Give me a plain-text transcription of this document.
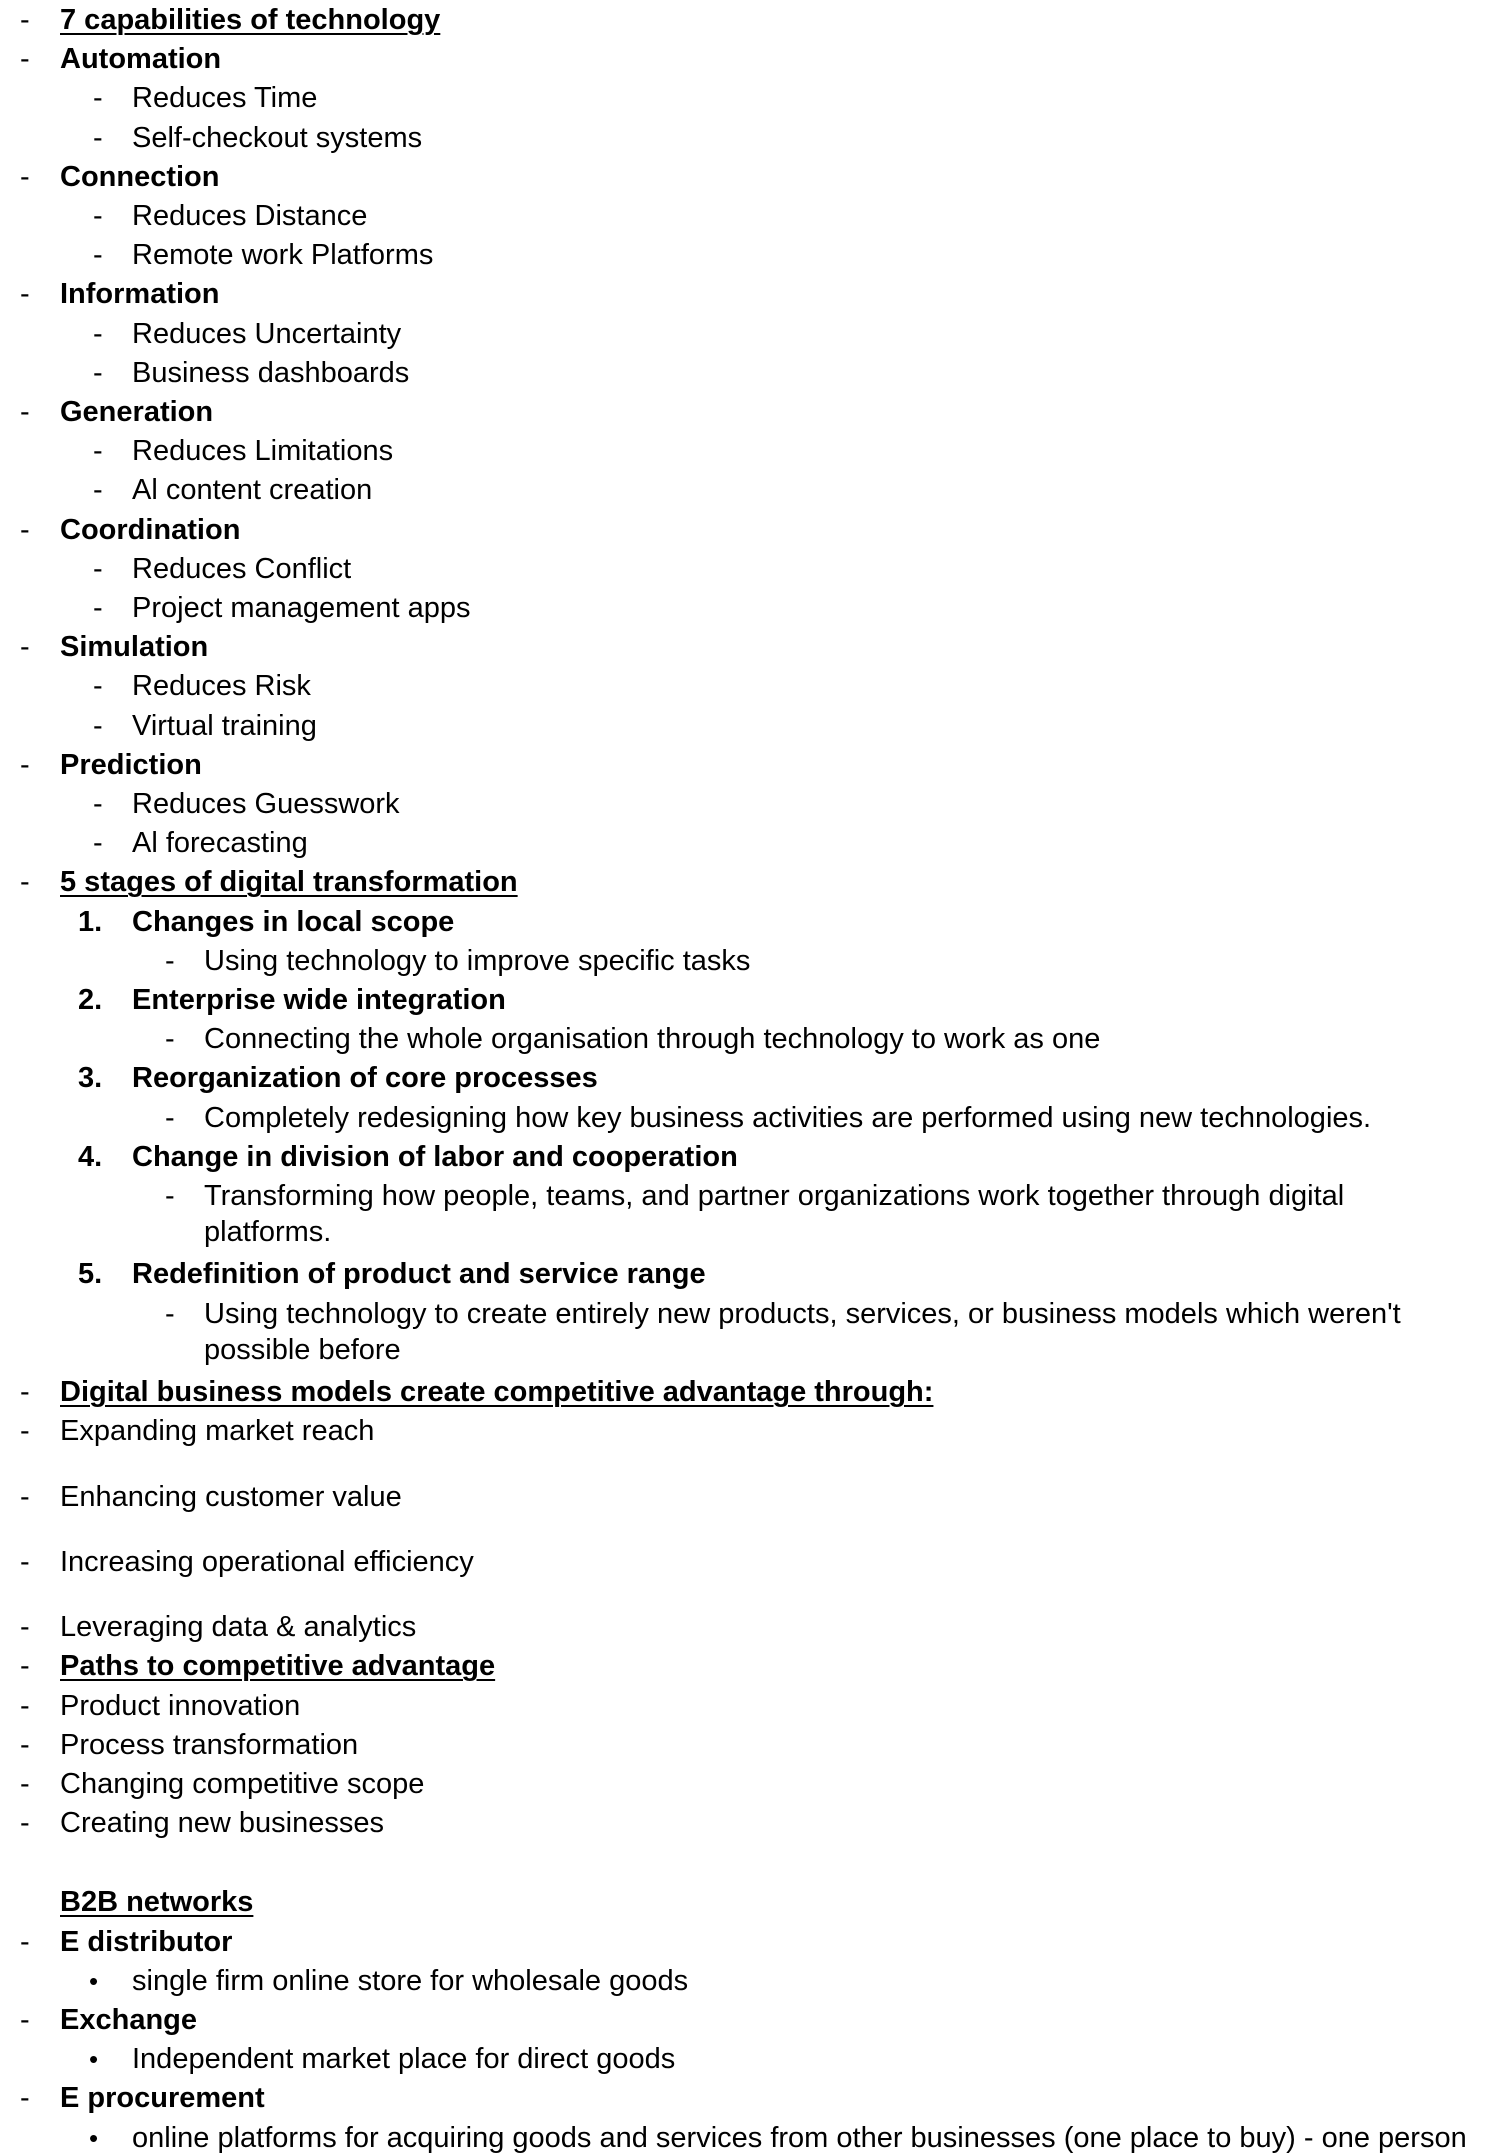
- 7 capabilities of technology
- Automation
- Reduces Time
- Self-checkout systems
- Connection
- Reduces Distance
- Remote work Platforms
- Information
- Reduces Uncertainty
- Business dashboards
- Generation
- Reduces Limitations
- Al content creation
- Coordination
- Reduces Conflict
- Project management apps
- Simulation
- Reduces Risk
- Virtual training
- Prediction
- Reduces Guesswork
- Al forecasting
- 5 stages of digital transformation
1. Changes in local scope
- Using technology to improve specific tasks
2. Enterprise wide integration
- Connecting the whole organisation through technology to work as one
3. Reorganization of core processes
- Completely redesigning how key business activities are performed using new technologies.
4. Change in division of labor and cooperation
- Transforming how people, teams, and partner organizations work together through digital platforms.
5. Redefinition of product and service range
- Using technology to create entirely new products, services, or business models which weren't possible before
- Digital business models create competitive advantage through:
- Expanding market reach
- Enhancing customer value
- Increasing operational efficiency
- Leveraging data & analytics
- Paths to competitive advantage
- Product innovation
- Process transformation
- Changing competitive scope
- Creating new businesses
B2B networks
- E distributor
• single firm online store for wholesale goods
- Exchange
• Independent market place for direct goods
- E procurement
• online platforms for acquiring goods and services from other businesses (one place to buy) - one person
